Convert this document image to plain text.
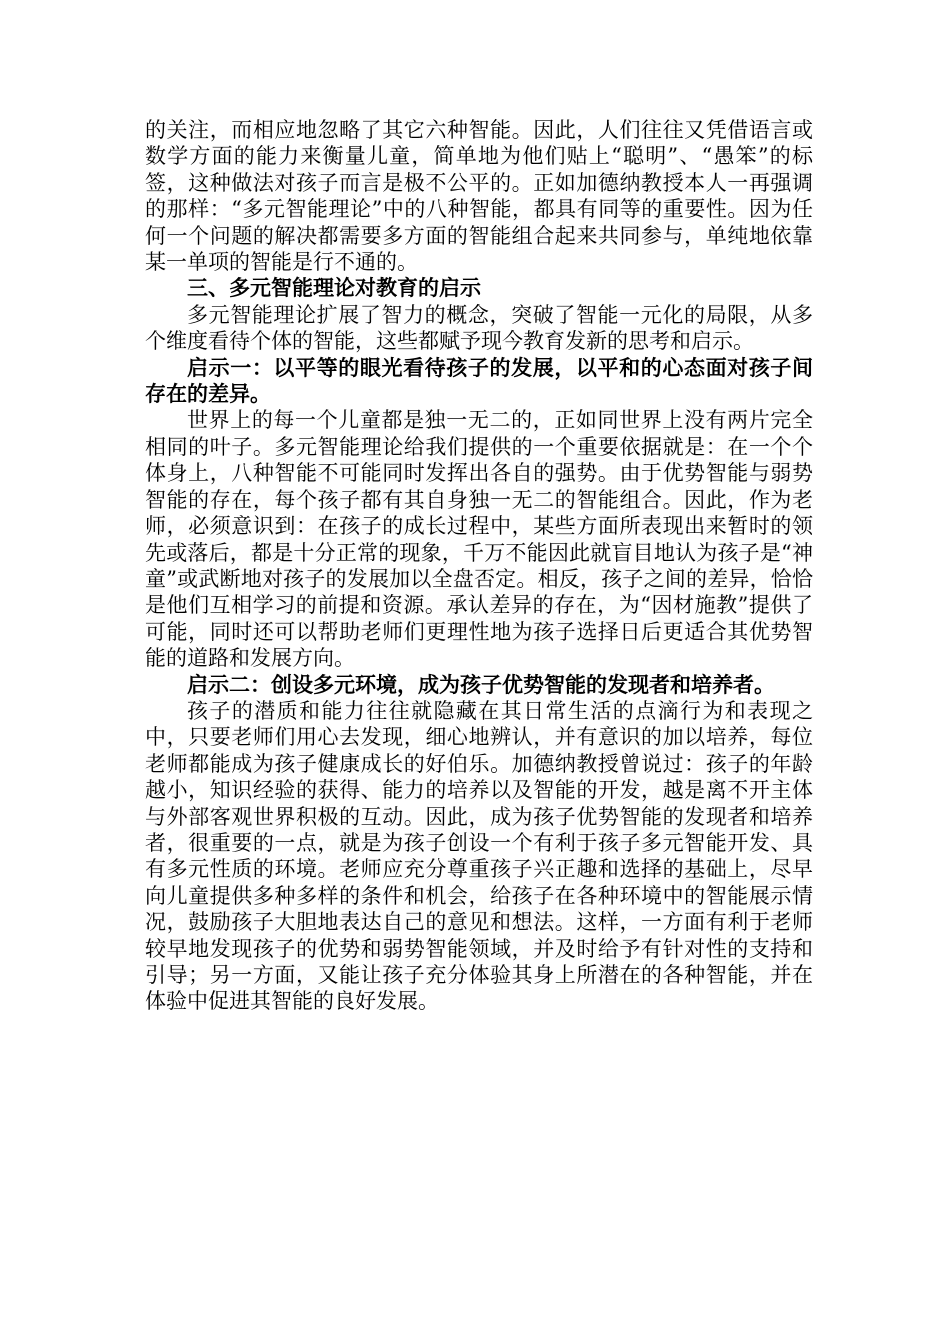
的关注，而相应地忽略了其它六种智能。因此，人们往往又凭借语言或数学方面的能力来衡量儿童，简单地为他们贴上“聪明”、“愚笨”的标签，这种做法对孩子而言是极不公平的。正如加德纳教授本人一再强调的那样：“多元智能理论”中的八种智能，都具有同等的重要性。因为任何一个问题的解决都需要多方面的智能组合起来共同参与，单纯地依靠某一单项的智能是行不通的。

三、多元智能理论对教育的启示

多元智能理论扩展了智力的概念，突破了智能一元化的局限，从多个维度看待个体的智能，这些都赋予现今教育发新的思考和启示。

启示一：以平等的眼光看待孩子的发展，以平和的心态面对孩子间存在的差异。

世界上的每一个儿童都是独一无二的，正如同世界上没有两片完全相同的叶子。多元智能理论给我们提供的一个重要依据就是：在一个个体身上，八种智能不可能同时发挥出各自的强势。由于优势智能与弱势智能的存在，每个孩子都有其自身独一无二的智能组合。因此，作为老师，必须意识到：在孩子的成长过程中，某些方面所表现出来暂时的领先或落后，都是十分正常的现象，千万不能因此就盲目地认为孩子是“神童”或武断地对孩子的发展加以全盘否定。相反，孩子之间的差异，恰恰是他们互相学习的前提和资源。承认差异的存在，为“因材施教”提供了可能，同时还可以帮助老师们更理性地为孩子选择日后更适合其优势智能的道路和发展方向。

启示二：创设多元环境，成为孩子优势智能的发现者和培养者。

孩子的潜质和能力往往就隐藏在其日常生活的点滴行为和表现之中，只要老师们用心去发现，细心地辨认，并有意识的加以培养，每位老师都能成为孩子健康成长的好伯乐。加德纳教授曾说过：孩子的年龄越小，知识经验的获得、能力的培养以及智能的开发，越是离不开主体与外部客观世界积极的互动。因此，成为孩子优势智能的发现者和培养者，很重要的一点，就是为孩子创设一个有利于孩子多元智能开发、具有多元性质的环境。老师应充分尊重孩子兴正趣和选择的基础上，尽早向儿童提供多种多样的条件和机会，给孩子在各种环境中的智能展示情况，鼓励孩子大胆地表达自己的意见和想法。这样，一方面有利于老师较早地发现孩子的优势和弱势智能领域，并及时给予有针对性的支持和引导；另一方面，又能让孩子充分体验其身上所潜在的各种智能，并在体验中促进其智能的良好发展。
